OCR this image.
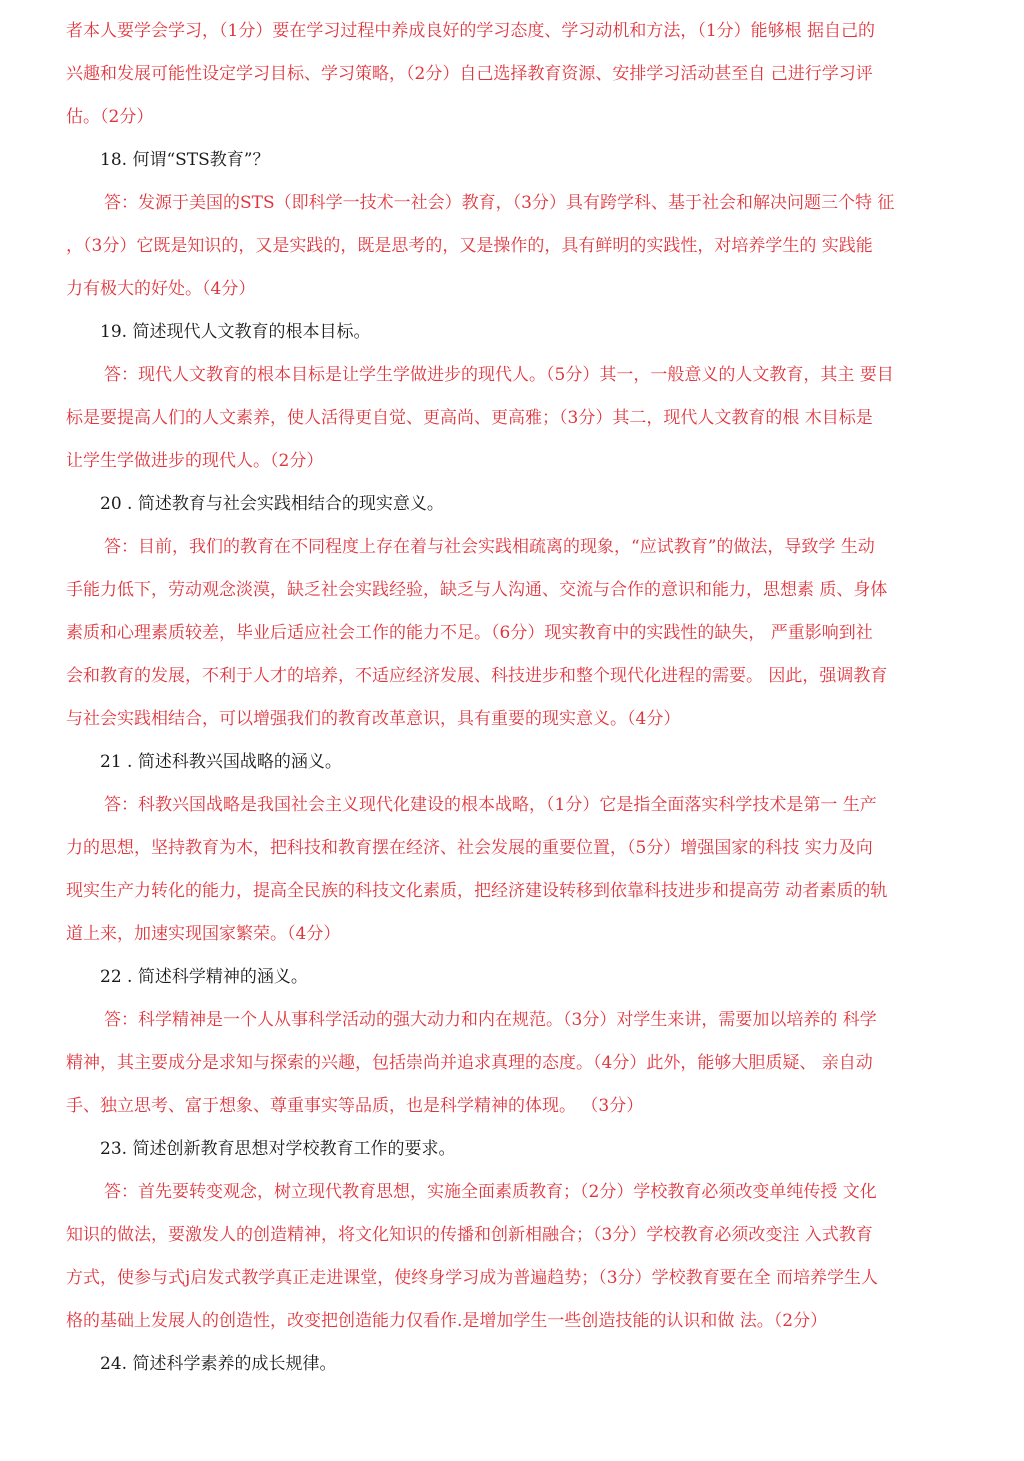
者本人要学会学习，（1分）要在学习过程中养成良好的学习态度、学习动机和方法，（1分）能够根 据自己的
兴趣和发展可能性设定学习目标、学习策略，（2分）自己选择教育资源、安排学习活动甚至自 己进行学习评
估。（2分）
18. 何谓“STS教育”？
答：发源于美国的STS（即科学一技术一社会）教育，（3分）具有跨学科、基于社会和解决问题三个特 征
，（3分）它既是知识的，又是实践的，既是思考的，又是操作的，具有鲜明的实践性，对培养学生的 实践能
力有极大的好处。（4分）
19. 简述现代人文教育的根本目标。
答：现代人文教育的根本目标是让学生学做进步的现代人。（5分）其一，一般意义的人文教育，其主 要目
标是要提高人们的人文素养，使人活得更自觉、更高尚、更高雅；（3分）其二，现代人文教育的根 木目标是
让学生学做进步的现代人。（2分）
20 . 简述教育与社会实践相结合的现实意义。
答：目前，我们的教育在不同程度上存在着与社会实践相疏离的现象，“应试教育”的做法，导致学 生动
手能力低下，劳动观念淡漠，缺乏社会实践经验，缺乏与人沟通、交流与合作的意识和能力，思想素 质、身体
素质和心理素质较差，毕业后适应社会工作的能力不足。（6分）现实教育中的实践性的缺失， 严重影响到社
会和教育的发展，不利于人才的培养，不适应经济发展、科技进步和整个现代化进程的需要。 因此，强调教育
与社会实践相结合，可以增强我们的教育改革意识，具有重要的现实意义。（4分）
21 . 简述科教兴国战略的涵义。
答：科教兴国战略是我国社会主义现代化建设的根本战略，（1分）它是指全面落实科学技术是第一 生产
力的思想，坚持教育为木，把科技和教育摆在经济、社会发展的重要位置，（5分）增强国家的科技 实力及向
现实生产力转化的能力，提高全民族的科技文化素质，把经济建设转移到依靠科技进步和提高劳 动者素质的轨
道上来，加速实现国家繁荣。（4分）
22 . 简述科学精神的涵义。
答：科学精神是一个人从事科学活动的强大动力和内在规范。（3分）对学生来讲，需要加以培养的 科学
精神，其主要成分是求知与探索的兴趣，包括崇尚并追求真理的态度。（4分）此外，能够大胆质疑、 亲自动
手、独立思考、富于想象、尊重事实等品质，也是科学精神的体现。 （3分）
23. 简述创新教育思想对学校教育工作的要求。
答：首先要转变观念，树立现代教育思想，实施全面素质教育；（2分）学校教育必须改变单纯传授 文化
知识的做法，要激发人的创造精神，将文化知识的传播和创新相融合；（3分）学校教育必须改变注 入式教育
方式，使参与式j启发式教学真正走进课堂，使终身学习成为普遍趋势；（3分）学校教育要在全 而培养学生人
格的基础上发展人的创造性，改变把创造能力仅看作.是增加学生一些创造技能的认识和做 法。（2分）
24. 简述科学素养的成长规律。
